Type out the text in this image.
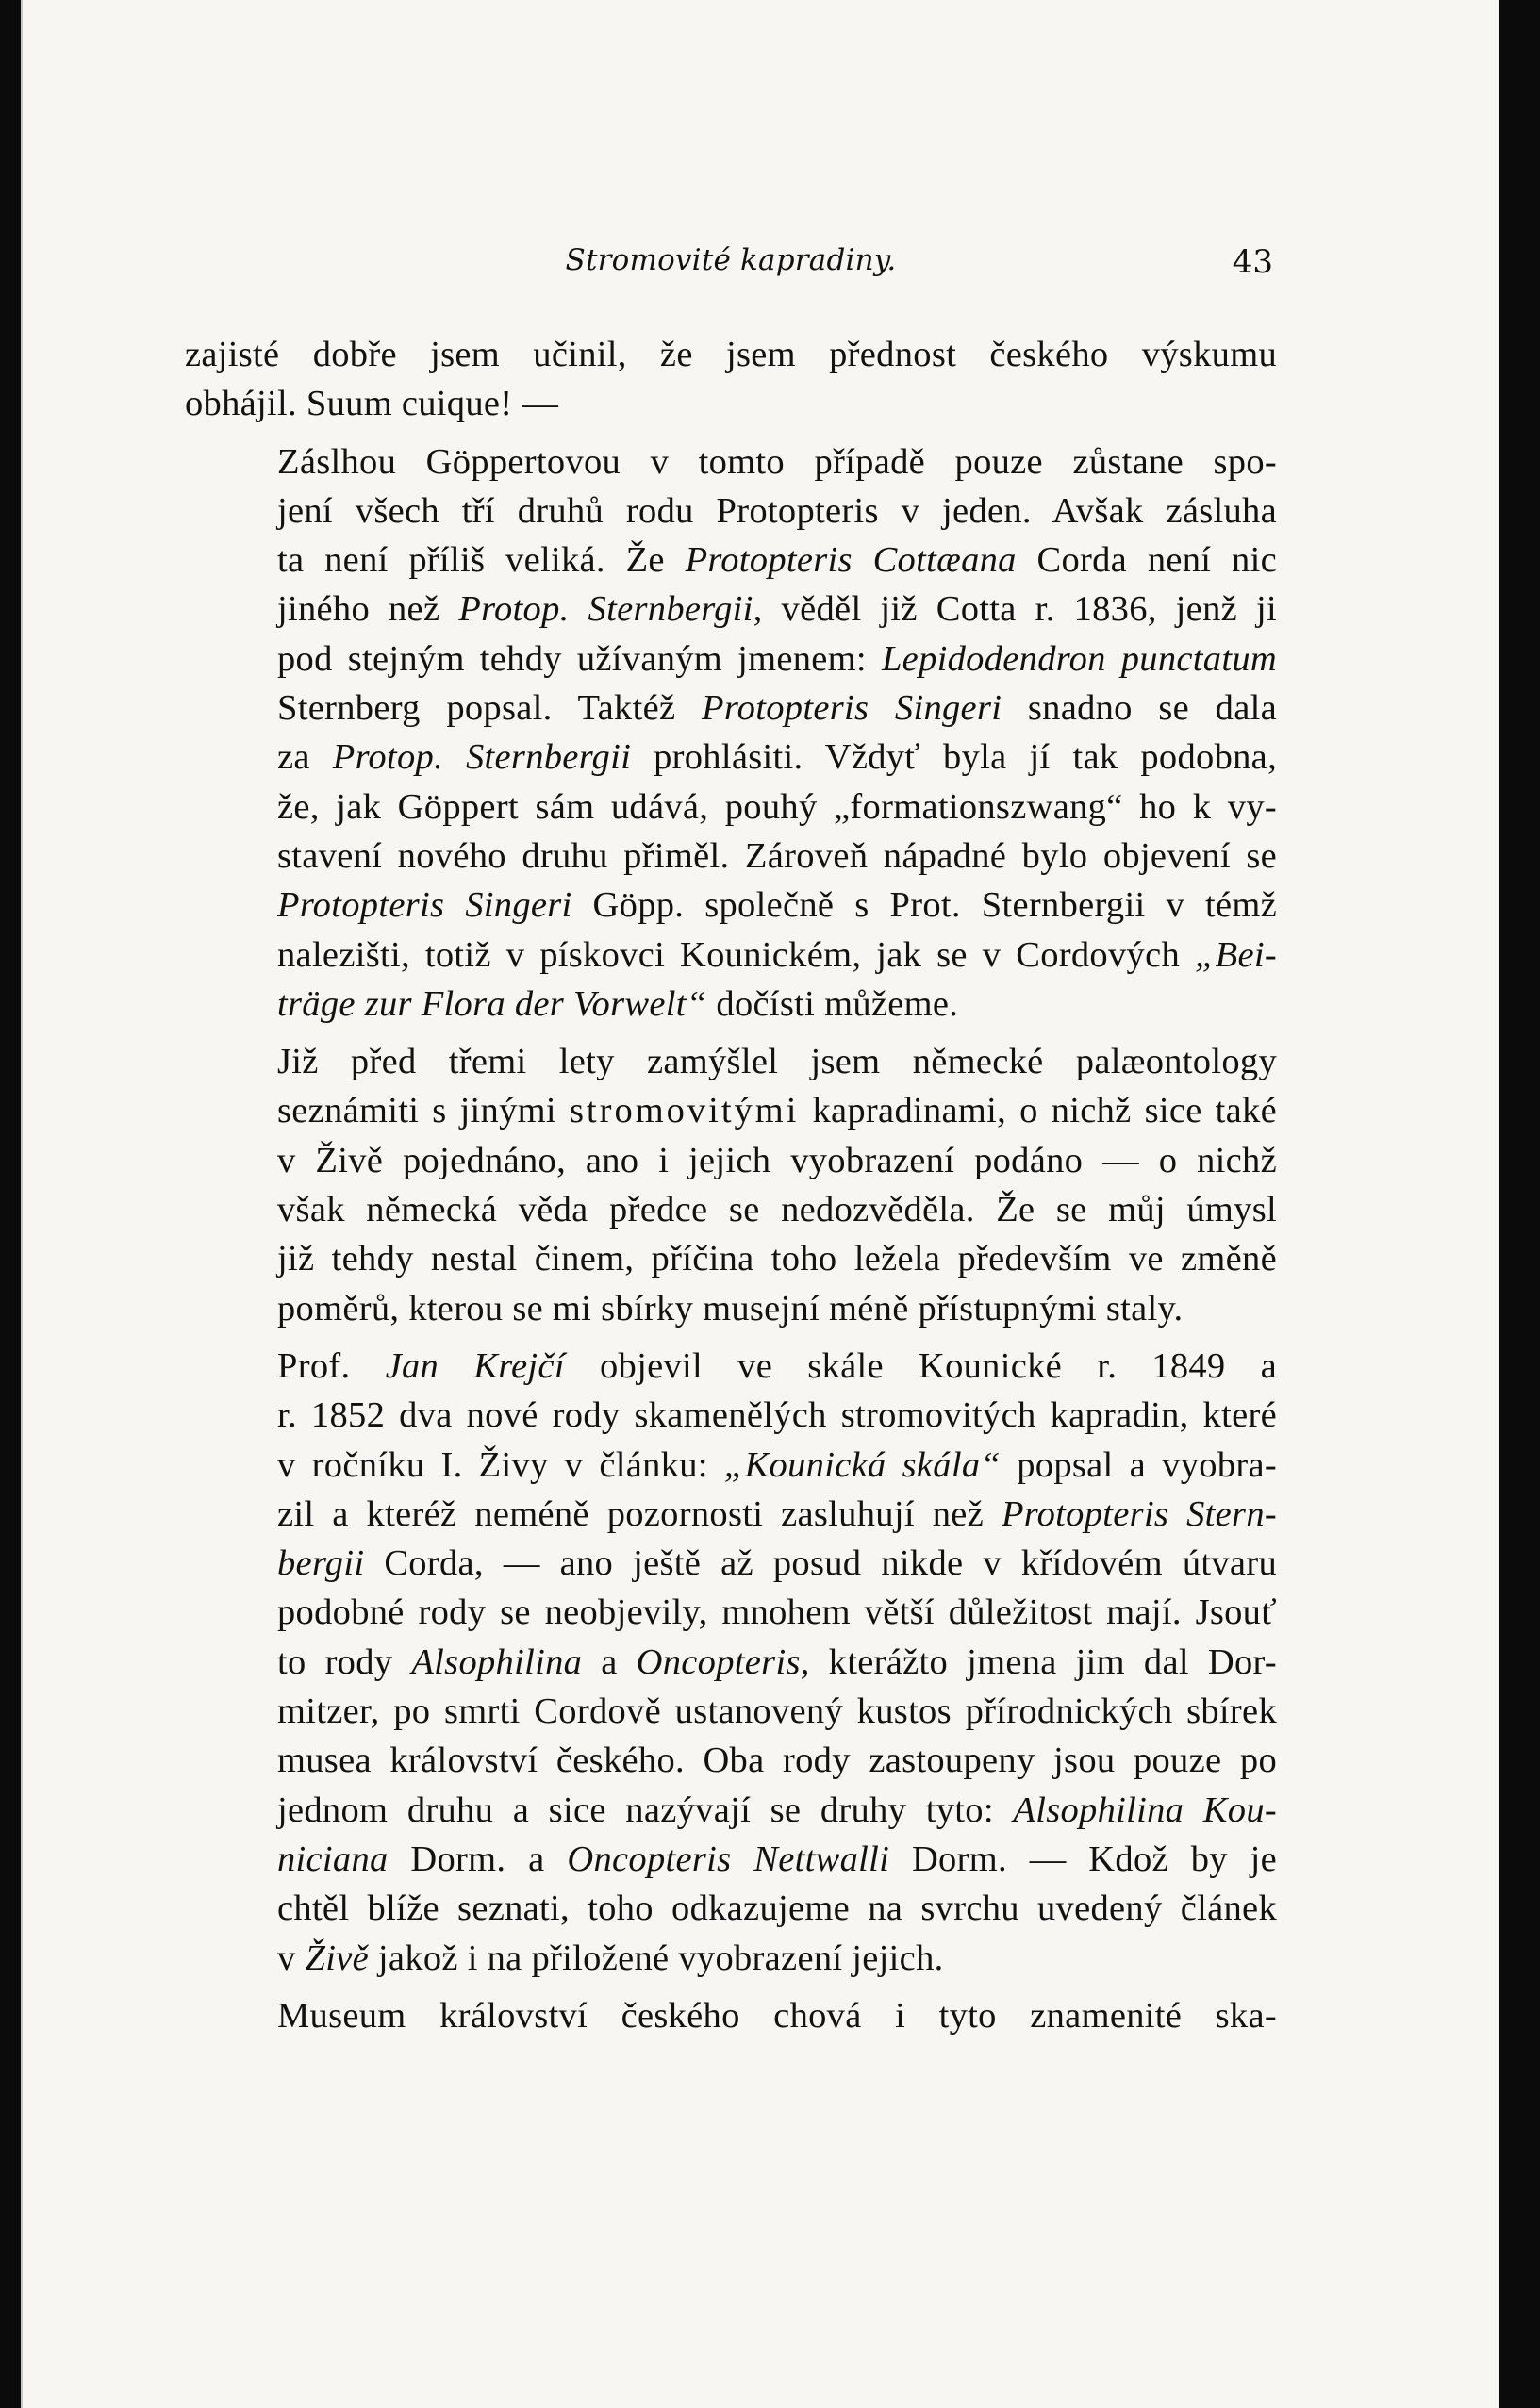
Stromovité kapradiny.	43

zajisté dobře jsem učinil, že jsem přednost českého výskumu
obhájil. Suum cuique! —

Záslhou Göppertovou v tomto případě pouze zůstane spo-
jení všech tří druhů rodu Protopteris v jeden. Avšak zásluha
ta není příliš veliká. Že Protopteris Cottæana Corda není nic
jiného než Protop. Sternbergii, věděl již Cotta r. 1836, jenž ji
pod stejným tehdy užívaným jmenem: Lepidodendron punctatum
Sternberg popsal. Taktéž Protopteris Singeri snadno se dala
za Protop. Sternbergii prohlásiti. Vždyť byla jí tak podobna,
že, jak Göppert sám udává, pouhý „formationszwang“ ho k vy-
stavení nového druhu přiměl. Zároveň nápadné bylo objevení se
Protopteris Singeri Göpp. společně s Prot. Sternbergii v témž
nalezišti, totiž v pískovci Kounickém, jak se v Cordových „Bei-
träge zur Flora der Vorwelt“ dočísti můžeme.

Již před třemi lety zamýšlel jsem německé palæontology
seznámiti s jinými stromovitými kapradinami, o nichž sice také
v Živě pojednáno, ano i jejich vyobrazení podáno — o nichž
však německá věda předce se nedozvěděla. Že se můj úmysl
již tehdy nestal činem, příčina toho ležela především ve změně
poměrů, kterou se mi sbírky musejní méně přístupnými staly.

Prof. Jan Krejčí objevil ve skále Kounické r. 1849 a
r. 1852 dva nové rody skamenělých stromovitých kapradin, které
v ročníku I. Živy v článku: „Kounická skála“ popsal a vyobra-
zil a kteréž neméně pozornosti zasluhují než Protopteris Stern-
bergii Corda, — ano ještě až posud nikde v křídovém útvaru
podobné rody se neobjevily, mnohem větší důležitost mají. Jsouť
to rody Alsophilina a Oncopteris, kterážto jmena jim dal Dor-
mitzer, po smrti Cordově ustanovený kustos přírodnických sbírek
musea království českého. Oba rody zastoupeny jsou pouze po
jednom druhu a sice nazývají se druhy tyto: Alsophilina Kou-
niciana Dorm. a Oncopteris Nettwalli Dorm. — Kdož by je
chtěl blíže seznati, toho odkazujeme na svrchu uvedený článek
v Živě jakož i na přiložené vyobrazení jejich.

Museum království českého chová i tyto znamenité ska-
